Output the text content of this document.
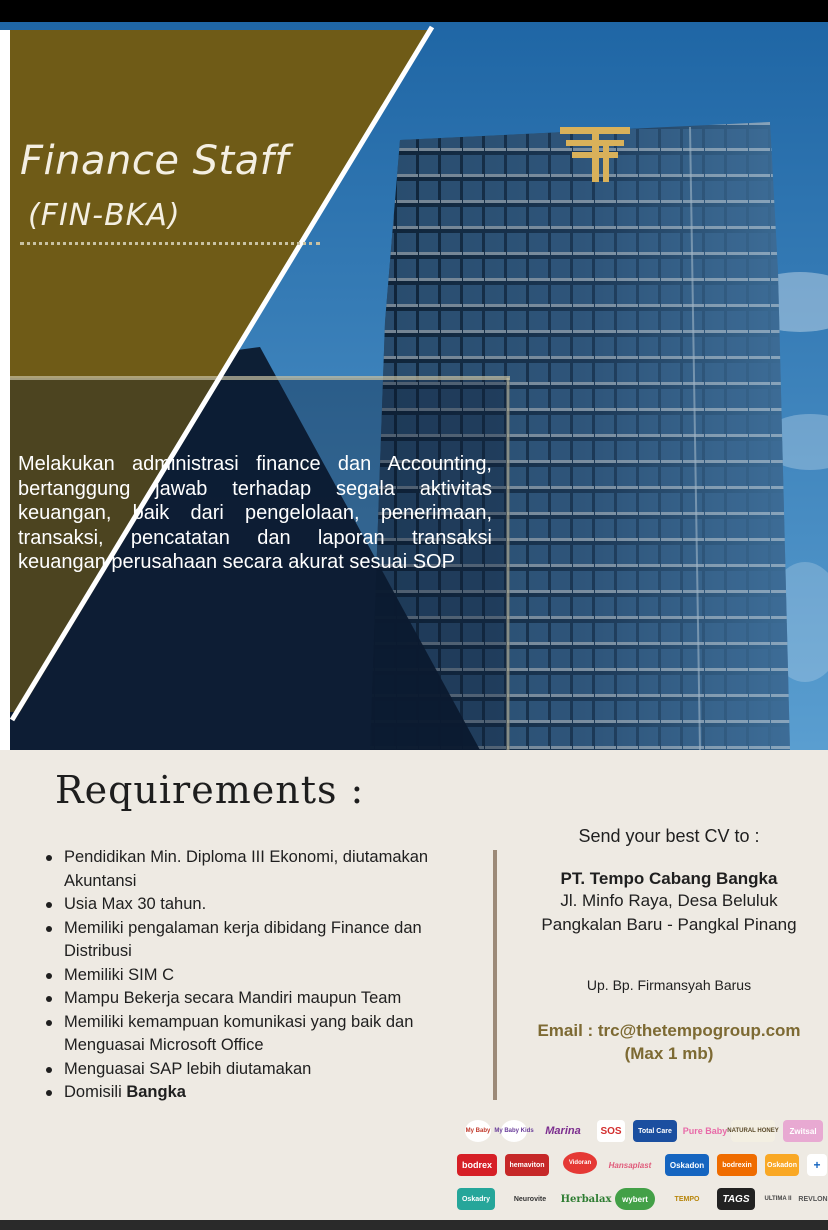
Finance Staff
(FIN-BKA)
Melakukan administrasi finance dan Accounting, bertanggung jawab terhadap segala aktivitas keuangan, baik dari pengelolaan, penerimaan, transaksi, pencatatan dan laporan transaksi keuangan perusahaan secara akurat sesuai SOP
Requirements :
Pendidikan Min. Diploma III Ekonomi, diutamakan Akuntansi
Usia Max 30 tahun.
Memiliki pengalaman kerja dibidang Finance dan Distribusi
Memiliki SIM C
Mampu Bekerja secara Mandiri maupun Team
Memiliki kemampuan komunikasi yang baik dan Menguasai Microsoft Office
Menguasai SAP lebih diutamakan
Domisili Bangka
Send your best CV to :
PT. Tempo Cabang Bangka
Jl. Minfo Raya, Desa Beluluk
Pangkalan Baru - Pangkal Pinang
Up. Bp. Firmansyah Barus
Email : trc@thetempogroup.com
(Max 1 mb)
My Baby My Baby Kids	Marina	SOS	Total Care	Pure Baby NATURAL HONEY	Zwitsal
bodrex	hemaviton	Vidoran	Hansaplast	Oskadon	bodrexin	Oskadon	+
Oskadry	Neurovite	Herbalax	wybert	TEMPO	TAGS	ULTIMA II REVLON
